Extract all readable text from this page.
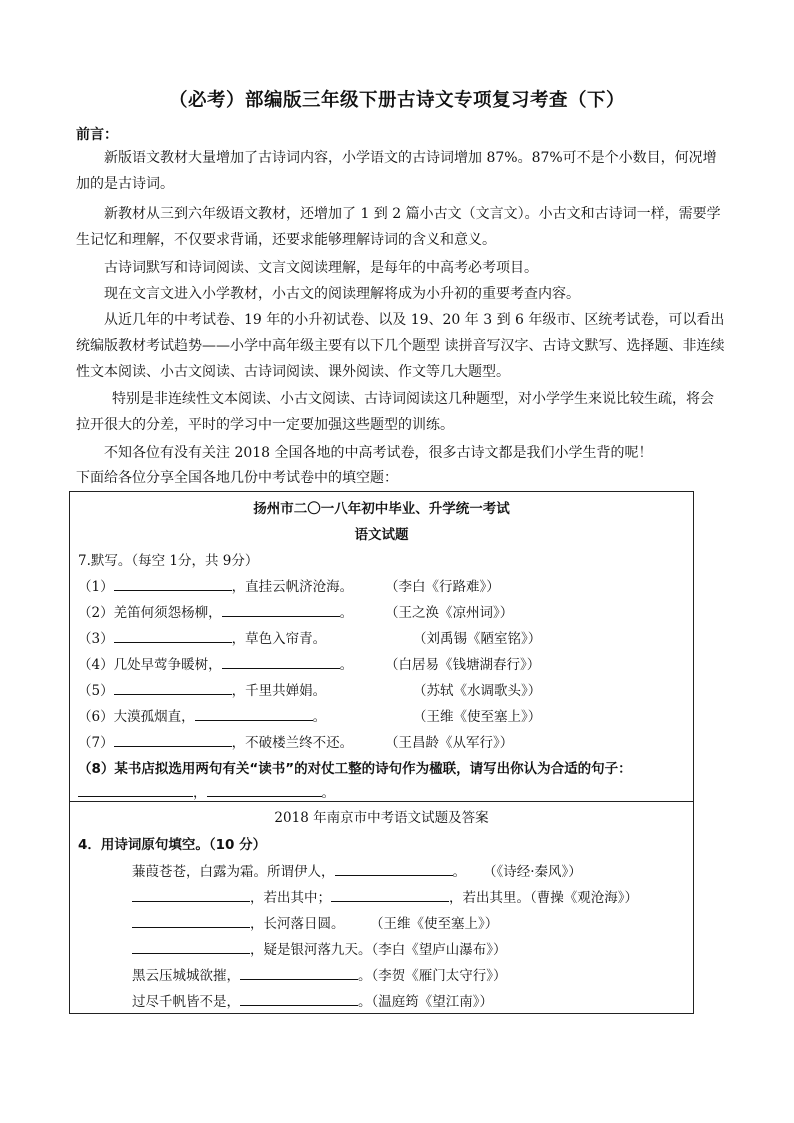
（必考）部编版三年级下册古诗文专项复习考查（下）
前言：

新版语文教材大量增加了古诗词内容，小学语文的古诗词增加 87%。87%可不是个小数目，何况增加的是古诗词。

新教材从三到六年级语文教材，还增加了 1 到 2 篇小古文（文言文）。小古文和古诗词一样，需要学生记忆和理解，不仅要求背诵，还要求能够理解诗词的含义和意义。

古诗词默写和诗词阅读、文言文阅读理解，是每年的中高考必考项目。

现在文言文进入小学教材，小古文的阅读理解将成为小升初的重要考查内容。

从近几年的中考试卷、19 年的小升初试卷、以及 19、20 年 3 到 6 年级市、区统考试卷，可以看出统编版教材考试趋势——小学中高年级主要有以下几个题型 读拼音写汉字、古诗文默写、选择题、非连续性文本阅读、小古文阅读、古诗词阅读、课外阅读、作文等几大题型。

特别是非连续性文本阅读、小古文阅读、古诗词阅读这几种题型，对小学学生来说比较生疏，将会拉开很大的分差，平时的学习中一定要加强这些题型的训练。

不知各位有没有关注 2018 全国各地的中高考试卷，很多古诗文都是我们小学生背的呢！

下面给各位分享全国各地几份中考试卷中的填空题：

扬州市二〇一八年初中毕业、升学统一考试
语文试题
7.默写。（每空 1分，共 9分）
（1）	，直挂云帆济沧海。 （李白《行路难》）
（2）羌笛何须怨杨柳，	。 （王之涣《凉州词》）
（3）	，草色入帘青。	（刘禹锡《陋室铭》）
（4）几处早莺争暖树，	。 （白居易《钱塘湖春行》）
（5）	，千里共婵娟。	（苏轼《水调歌头》）
（6）大漠孤烟直，	。	（王维《使至塞上》）
（7）	，不破楼兰终不还。 （王昌龄《从军行》）
（8）某书店拟选用两句有关“读书”的对仗工整的诗句作为楹联，请写出你认为合适的句子：
，	。
2018 年南京市中考语文试题及答案
4．用诗词原句填空。（10 分）
蒹葭苍苍，白露为霜。所谓伊人，	。 （《诗经·秦风》）
，若出其中；	，若出其里。（曹操《观沧海》）
，长河落日圆。 （王维《使至塞上》）
，疑是银河落九天。（李白《望庐山瀑布》）
黑云压城城欲摧，	。（李贺《雁门太守行》）
过尽千帆皆不是，	。（温庭筠《望江南》）
